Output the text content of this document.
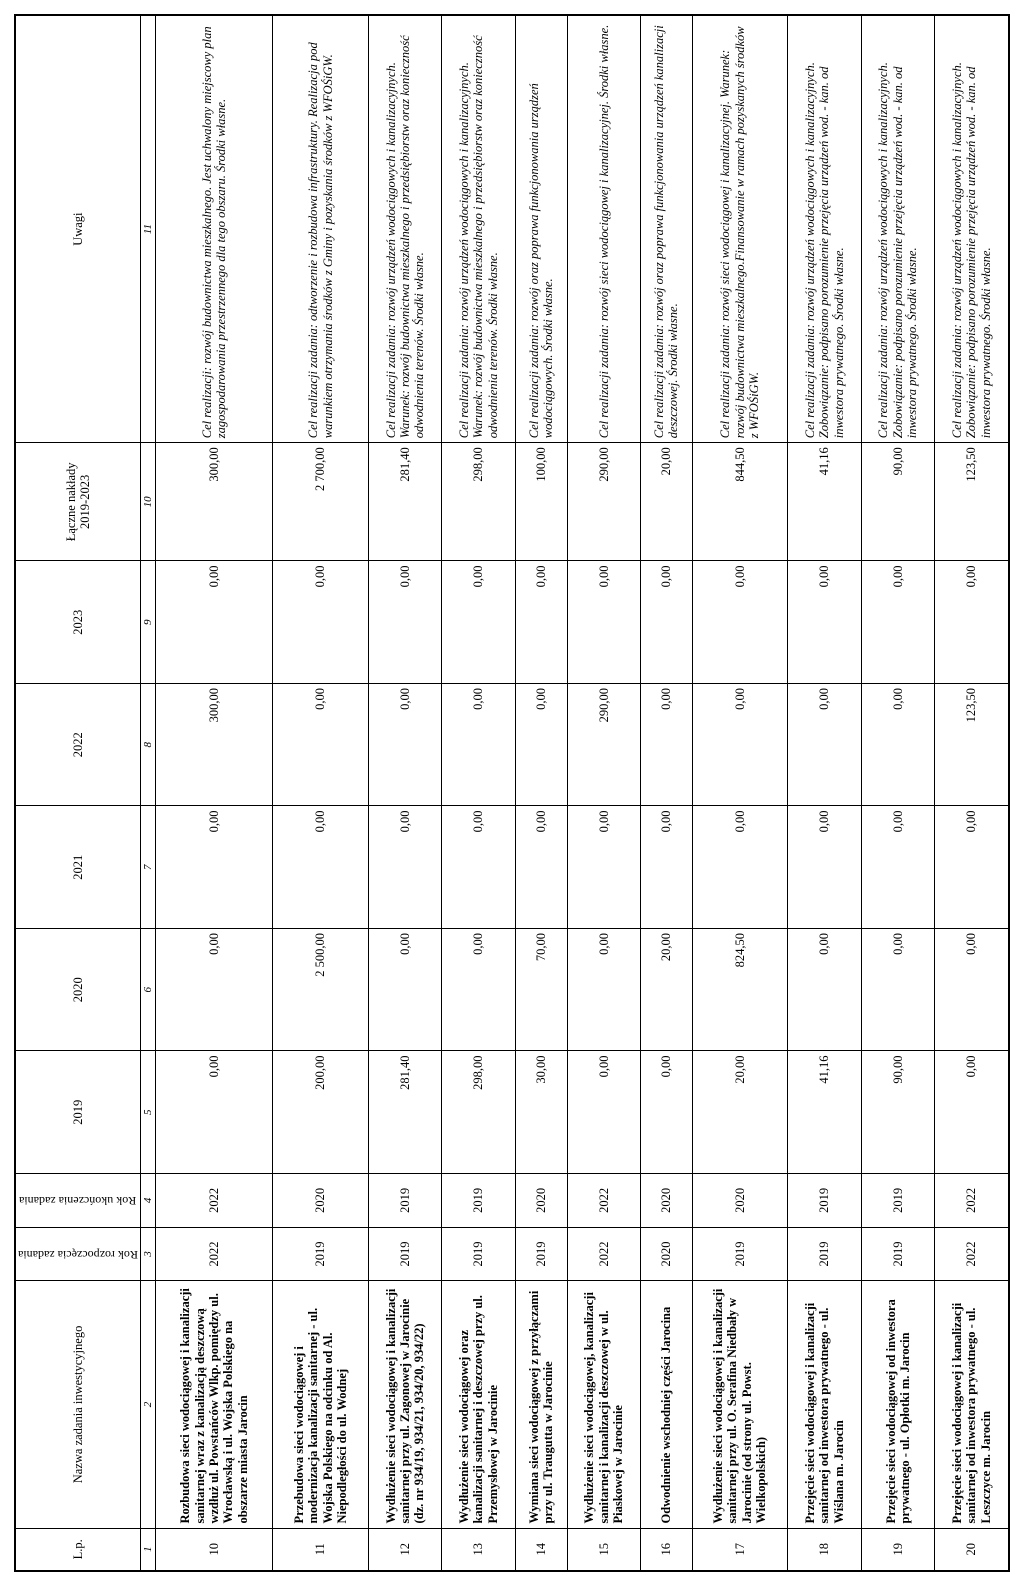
L.p.	Nazwa zadania inwestycyjnego	Rok rozpoczęcia zadania	Rok ukończenia zadania	2019	2020	2021	2022	2023	Łączne nakłady 2019-2023	Uwagi
1	2	3	4	5	6	7	8	9	10	11
10	Rozbudowa sieci wodociągowej i kanalizacji sanitarnej wraz z kanalizacją deszczową wzdłuż ul. Powstańców Wlkp. pomiędzy ul. Wrocławską i ul. Wojska Polskiego na obszarze miasta Jarocin	2022	2022	0,00	0,00	0,00	300,00	0,00	300,00	Cel realizacji: rozwój budownictwa mieszkalnego. Jest uchwalony miejscowy plan zagospodarowania przestrzennego dla tego obszaru. Środki własne.
11	Przebudowa sieci wodociągowej i modernizacja kanalizacji sanitarnej - ul. Wojska Polskiego na odcinku od Al. Niepodległości do ul. Wodnej	2019	2020	200,00	2 500,00	0,00	0,00	0,00	2 700,00	Cel realizacji zadania: odtworzenie i rozbudowa infrastruktury. Realizacja pod warunkiem otrzymania środków z Gminy i pozyskania środków z WFOŚiGW.
12	Wydłużenie sieci wodociągowej i kanalizacji sanitarnej przy ul. Zagonowej w Jarocinie (dz. nr 934/19, 934/21, 934/20, 934/22)	2019	2019	281,40	0,00	0,00	0,00	0,00	281,40	Cel realizacji zadania: rozwój urządzeń wodociągowych i kanalizacyjnych. Warunek: rozwój budownictwa mieszkalnego i przedsiębiorstw oraz konieczność odwodnienia terenów. Środki własne.
13	Wydłużenie sieci wodociągowej oraz kanalizacji sanitarnej i deszczowej przy ul. Przemysłowej w Jarocinie	2019	2019	298,00	0,00	0,00	0,00	0,00	298,00	Cel realizacji zadania: rozwój urządzeń wodociągowych i kanalizacyjnych. Warunek: rozwój budownictwa mieszkalnego i przedsiębiorstw oraz konieczność odwodnienia terenów. Środki własne.
14	Wymiana sieci wodociągowej z przyłączami przy ul. Traugutta w Jarocinie	2019	2020	30,00	70,00	0,00	0,00	0,00	100,00	Cel realizacji zadania: rozwój oraz poprawa funkcjonowania urządzeń wodociągowych. Środki własne.
15	Wydłużenie sieci wodociągowej, kanalizacji sanitarnej i kanalizacji deszczowej w ul. Piaskowej w Jarocinie	2022	2022	0,00	0,00	0,00	290,00	0,00	290,00	Cel realizacji zadania: rozwój sieci wodociągowej i kanalizacyjnej. Środki własne.
16	Odwodnienie wschodniej części Jarocina	2020	2020	0,00	20,00	0,00	0,00	0,00	20,00	Cel realizacji zadania: rozwój oraz poprawa funkcjonowania urządzeń kanalizacji deszczowej. Środki własne.
17	Wydłużenie sieci wodociągowej i kanalizacji sanitarnej przy ul. O. Serafina Niedbały w Jarocinie (od strony ul. Powst. Wielkopolskich)	2019	2020	20,00	824,50	0,00	0,00	0,00	844,50	Cel realizacji zadania: rozwój sieci wodociągowej i kanalizacyjnej. Warunek: rozwój budownictwa mieszkalnego.Finansowanie w ramach pozyskanych środków z WFOŚiGW.
18	Przejęcie sieci wodociągowej i kanalizacji sanitarnej od inwestora prywatnego - ul. Wiślana m. Jarocin	2019	2019	41,16	0,00	0,00	0,00	0,00	41,16	Cel realizacji zadania: rozwój urządzeń wodociągowych i kanalizacyjnych. Zobowiązanie: podpisano porozumienie przejęcia urządzeń wod. - kan. od inwestora prywatnego. Środki własne.
19	Przejęcie sieci wodociągowej od inwestora prywatnego - ul. Opłotki m. Jarocin	2019	2019	90,00	0,00	0,00	0,00	0,00	90,00	Cel realizacji zadania: rozwój urządzeń wodociągowych i kanalizacyjnych. Zobowiązanie: podpisano porozumienie przejęcia urządzeń wod. - kan. od inwestora prywatnego. Środki własne.
20	Przejęcie sieci wodociągowej i kanalizacji sanitarnej od inwestora prywatnego - ul. Leszczyce m. Jarocin	2022	2022	0,00	0,00	0,00	123,50	0,00	123,50	Cel realizacji zadania: rozwój urządzeń wodociągowych i kanalizacyjnych. Zobowiązanie: podpisano porozumienie przejęcia urządzeń wod. - kan. od inwestora prywatnego. Środki własne.
